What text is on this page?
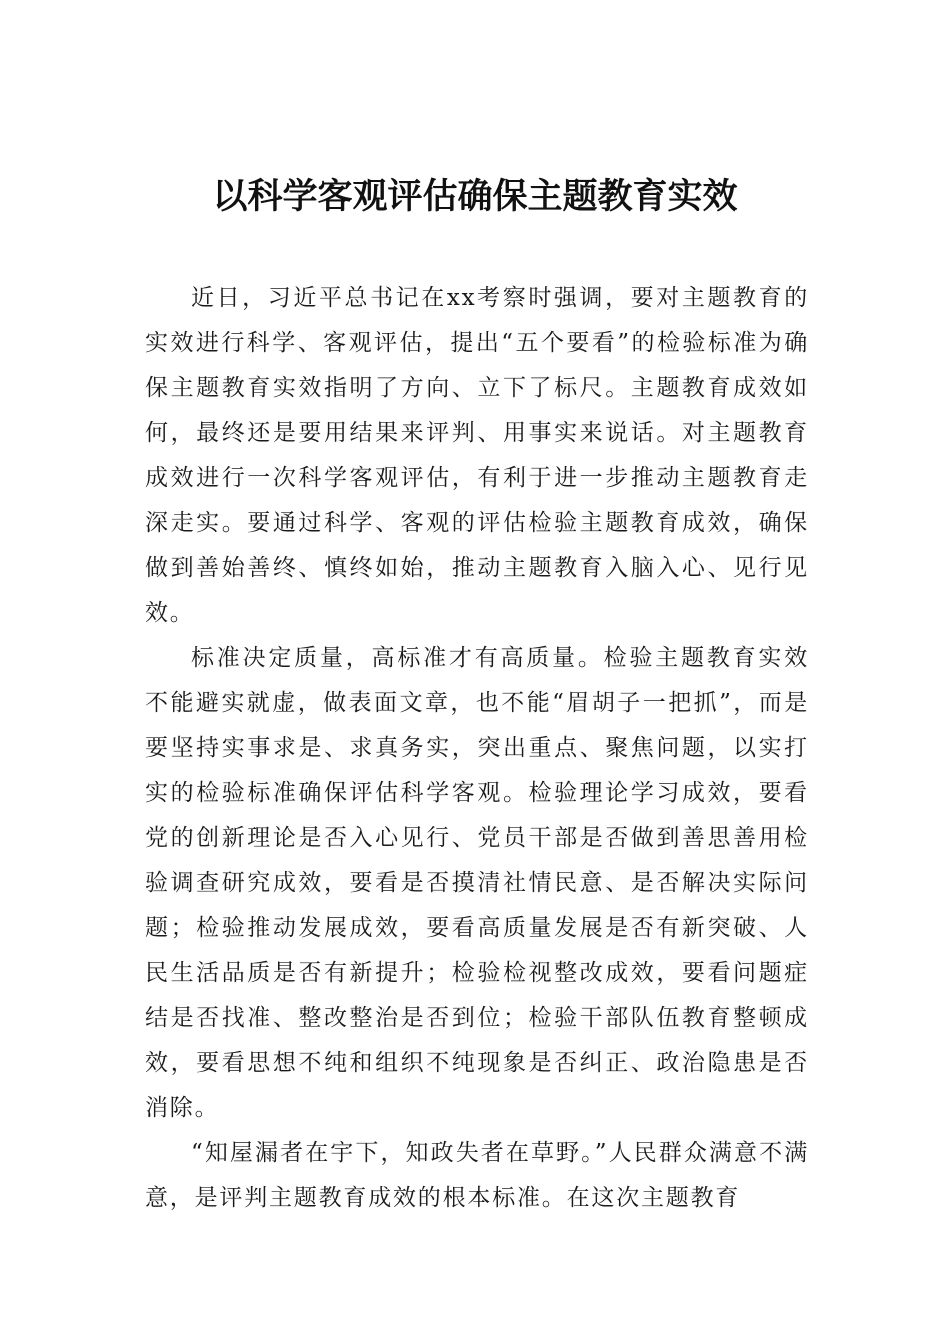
以科学客观评估确保主题教育实效

近日，习近平总书记在xx考察时强调，要对主题教育的实效进行科学、客观评估，提出“五个要看”的检验标准为确保主题教育实效指明了方向、立下了标尺。主题教育成效如何，最终还是要用结果来评判、用事实来说话。对主题教育成效进行一次科学客观评估，有利于进一步推动主题教育走深走实。要通过科学、客观的评估检验主题教育成效，确保做到善始善终、慎终如始，推动主题教育入脑入心、见行见效。

标准决定质量，高标准才有高质量。检验主题教育实效不能避实就虚，做表面文章，也不能“眉胡子一把抓”，而是要坚持实事求是、求真务实，突出重点、聚焦问题，以实打实的检验标准确保评估科学客观。检验理论学习成效，要看党的创新理论是否入心见行、党员干部是否做到善思善用检验调查研究成效，要看是否摸清社情民意、是否解决实际问题；检验推动发展成效，要看高质量发展是否有新突破、人民生活品质是否有新提升；检验检视整改成效，要看问题症结是否找准、整改整治是否到位；检验干部队伍教育整顿成效，要看思想不纯和组织不纯现象是否纠正、政治隐患是否消除。

“知屋漏者在宇下，知政失者在草野。”人民群众满意不满意，是评判主题教育成效的根本标准。在这次主题教育
